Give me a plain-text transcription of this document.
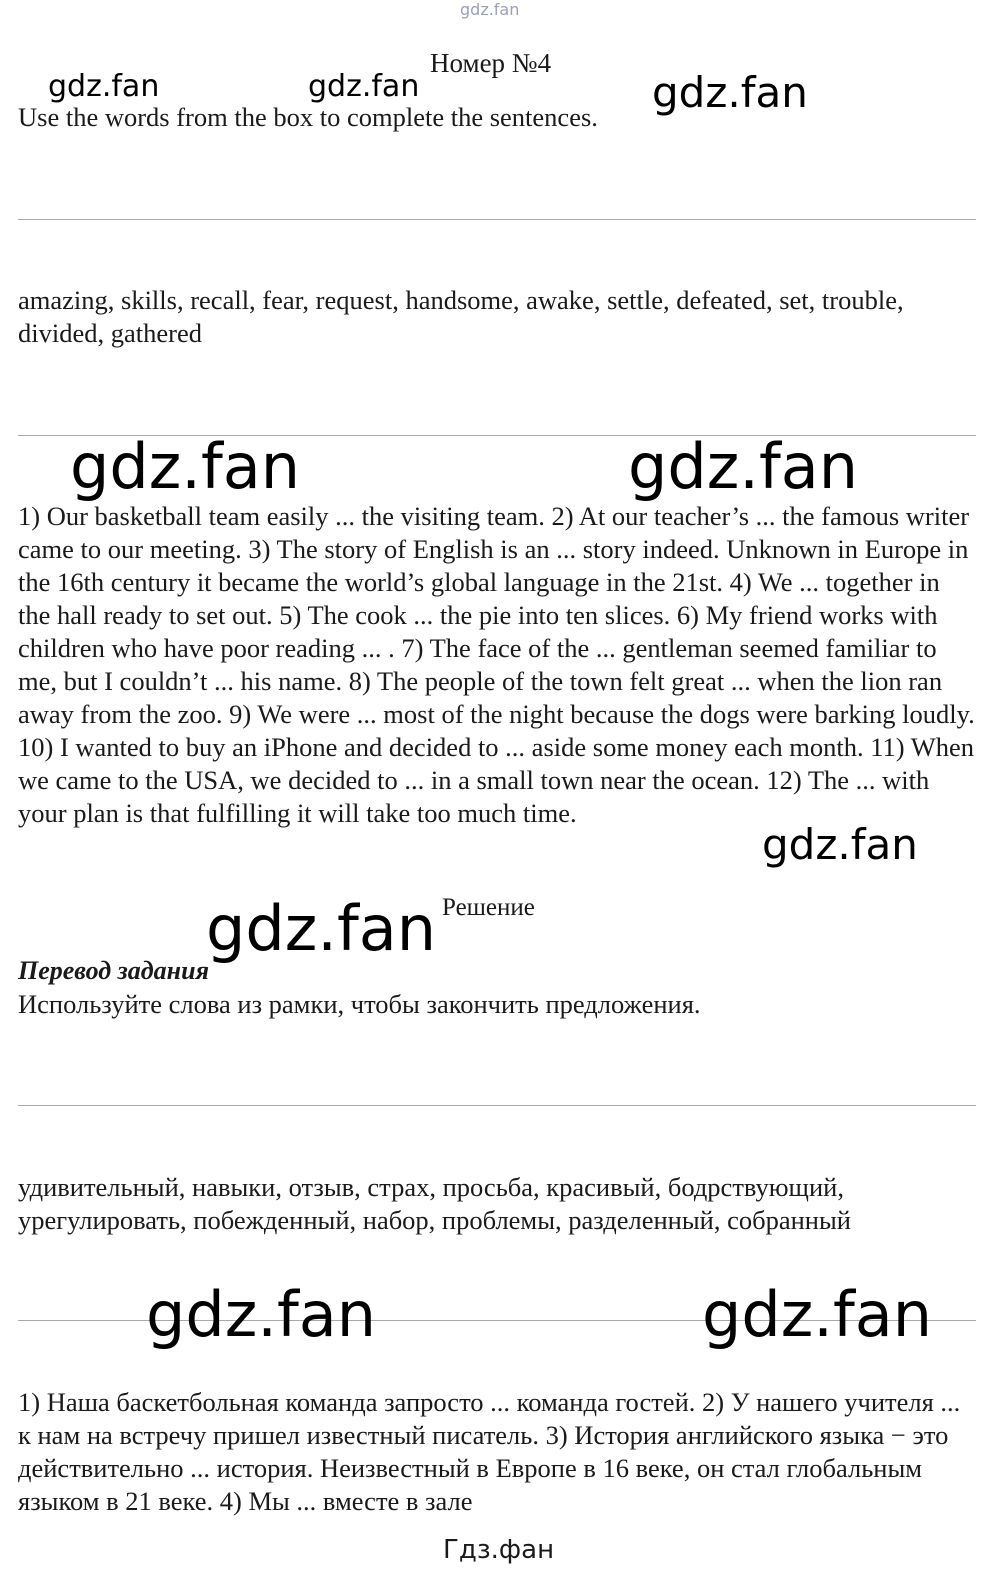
gdz.fan
Номер №4
Use the words from the box to complete the sentences.
amazing, skills, recall, fear, request, handsome, awake, settle, defeated, set, trouble, divided, gathered
1) Our basketball team easily ... the visiting team. 2) At our teacher’s ... the famous writer came to our meeting. 3) The story of English is an ... story indeed. Unknown in Europe in the 16th century it became the world’s global language in the 21st. 4) We ... together in the hall ready to set out. 5) The cook ... the pie into ten slices. 6) My friend works with children who have poor reading ... . 7) The face of the ... gentleman seemed familiar to me, but I couldn’t ... his name. 8) The people of the town felt great ... when the lion ran away from the zoo. 9) We were ... most of the night because the dogs were barking loudly. 10) I wanted to buy an iPhone and decided to ... aside some money each month. 11) When we came to the USA, we decided to ... in a small town near the ocean. 12) The ... with your plan is that fulfilling it will take too much time.
Решение
Перевод задания
Используйте слова из рамки, чтобы закончить предложения.
удивительный, навыки, отзыв, страх, просьба, красивый, бодрствующий, урегулировать, побежденный, набор, проблемы, разделенный, собранный
1) Наша баскетбольная команда запросто ... команда гостей. 2) У нашего учителя ... к нам на встречу пришел известный писатель. 3) История английского языка − это действительно ... история. Неизвестный в Европе в 16 веке, он стал глобальным языком в 21 веке. 4) Мы ... вместе в зале
Гдз.фан
gdz.fan	gdz.fan	gdz.fan
gdz.fan	gdz.fan
gdz.fan
gdz.fan
gdz.fan	gdz.fan
